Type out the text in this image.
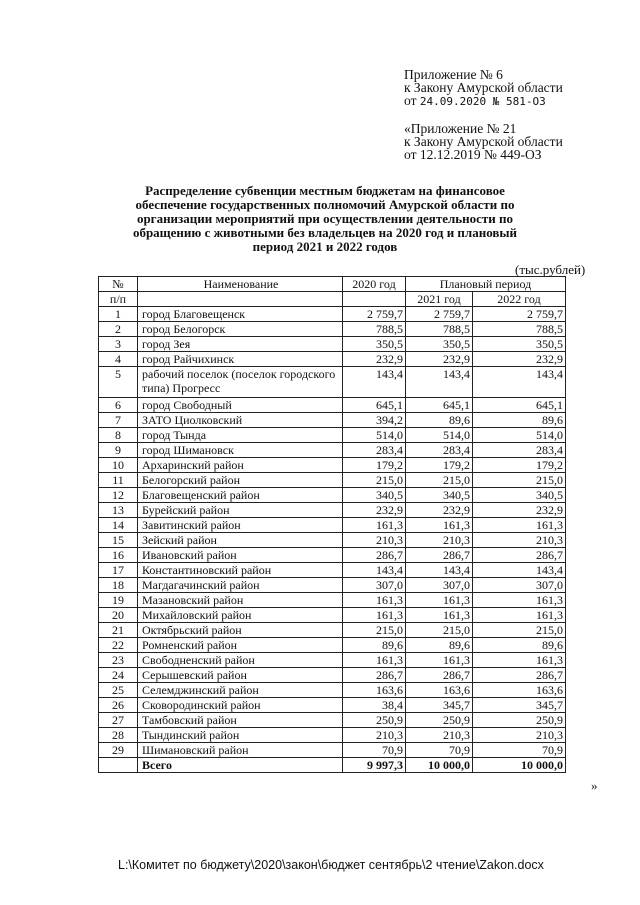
Приложение № 6
к Закону Амурской области
от 24.09.2020 № 581-ОЗ
«Приложение № 21
к Закону Амурской области
от 12.12.2019 № 449-ОЗ
Распределение субвенции местным бюджетам на финансовое обеспечение государственных полномочий Амурской области по организации мероприятий при осуществлении деятельности по обращению с животными без владельцев на 2020 год и плановый период 2021 и 2022 годов
(тыс.рублей)
№	Наименование	2020 год	Плановый период	
п/п			2021 год	2022 год
1	город Благовещенск	2 759,7	2 759,7	2 759,7
2	город Белогорск	788,5	788,5	788,5
3	город Зея	350,5	350,5	350,5
4	город Райчихинск	232,9	232,9	232,9
5	рабочий поселок (поселок городского типа) Прогресс	143,4	143,4	143,4
6	город Свободный	645,1	645,1	645,1
7	ЗАТО Циолковский	394,2	89,6	89,6
8	город Тында	514,0	514,0	514,0
9	город Шимановск	283,4	283,4	283,4
10	Архаринский район	179,2	179,2	179,2
11	Белогорский район	215,0	215,0	215,0
12	Благовещенский район	340,5	340,5	340,5
13	Бурейский район	232,9	232,9	232,9
14	Завитинский район	161,3	161,3	161,3
15	Зейский район	210,3	210,3	210,3
16	Ивановский район	286,7	286,7	286,7
17	Константиновский район	143,4	143,4	143,4
18	Магдагачинский район	307,0	307,0	307,0
19	Мазановский район	161,3	161,3	161,3
20	Михайловский район	161,3	161,3	161,3
21	Октябрьский район	215,0	215,0	215,0
22	Ромненский район	89,6	89,6	89,6
23	Свободненский район	161,3	161,3	161,3
24	Серышевский район	286,7	286,7	286,7
25	Селемджинский район	163,6	163,6	163,6
26	Сковородинский район	38,4	345,7	345,7
27	Тамбовский район	250,9	250,9	250,9
28	Тындинский район	210,3	210,3	210,3
29	Шимановский район	70,9	70,9	70,9
	Всего	9 997,3	10 000,0	10 000,0
»
L:\Комитет по бюджету\2020\закон\бюджет сентябрь\2 чтение\Zakon.docx
